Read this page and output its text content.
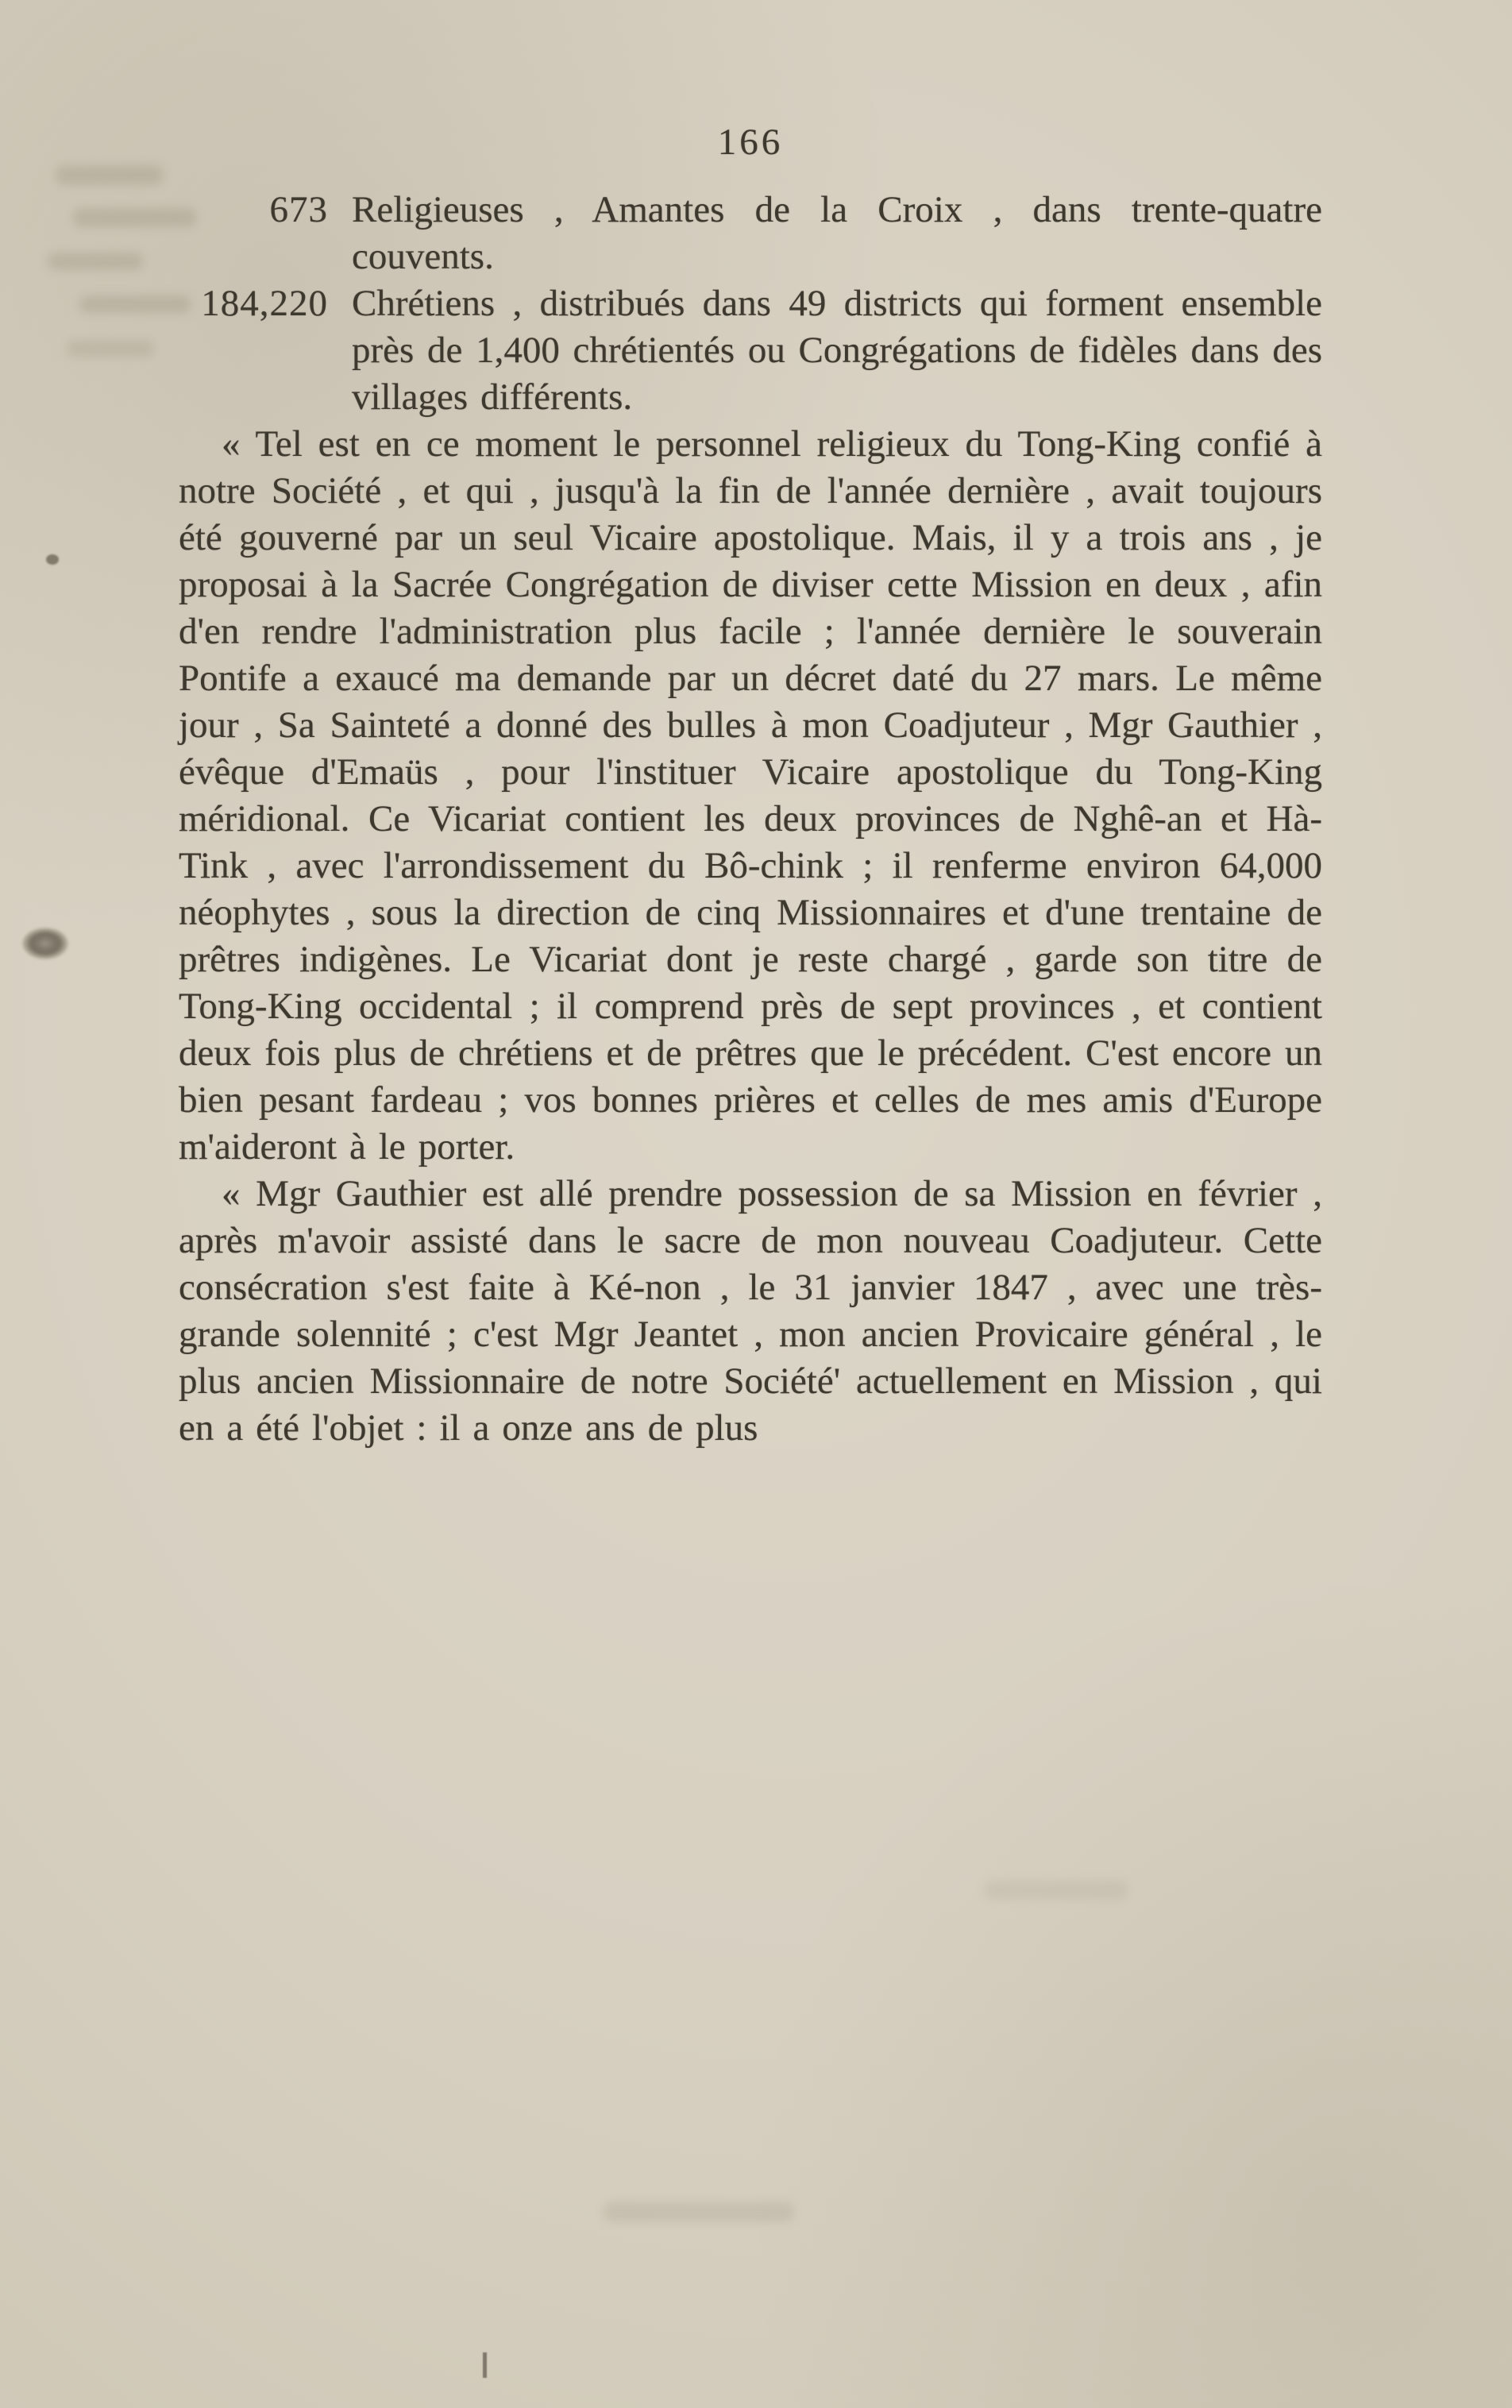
166
673 Religieuses , Amantes de la Croix , dans trente-quatre couvents.
184,220 Chrétiens , distribués dans 49 districts qui forment ensemble près de 1,400 chrétientés ou Congrégations de fidèles dans des villages différents.

« Tel est en ce moment le personnel religieux du Tong-King confié à notre Société , et qui , jusqu'à la fin de l'année dernière , avait toujours été gouverné par un seul Vicaire apostolique. Mais, il y a trois ans , je proposai à la Sacrée Congrégation de diviser cette Mission en deux , afin d'en rendre l'administration plus facile ; l'année dernière le souverain Pontife a exaucé ma demande par un décret daté du 27 mars. Le même jour , Sa Sainteté a donné des bulles à mon Coadjuteur , Mgr Gauthier , évêque d'Emaüs , pour l'instituer Vicaire apostolique du Tong-King méridional. Ce Vicariat contient les deux provinces de Nghê-an et Hà-Tink , avec l'arrondissement du Bô-chink ; il renferme environ 64,000 néophytes , sous la direction de cinq Missionnaires et d'une trentaine de prêtres indigènes. Le Vicariat dont je reste chargé , garde son titre de Tong-King occidental ; il comprend près de sept provinces , et contient deux fois plus de chrétiens et de prêtres que le précédent. C'est encore un bien pesant fardeau ; vos bonnes prières et celles de mes amis d'Europe m'aideront à le porter.

« Mgr Gauthier est allé prendre possession de sa Mission en février , après m'avoir assisté dans le sacre de mon nouveau Coadjuteur. Cette consécration s'est faite à Ké-non , le 31 janvier 1847 , avec une très-grande solennité ; c'est Mgr Jeantet , mon ancien Provicaire général , le plus ancien Missionnaire de notre Société' actuellement en Mission , qui en a été l'objet : il a onze ans de plus
